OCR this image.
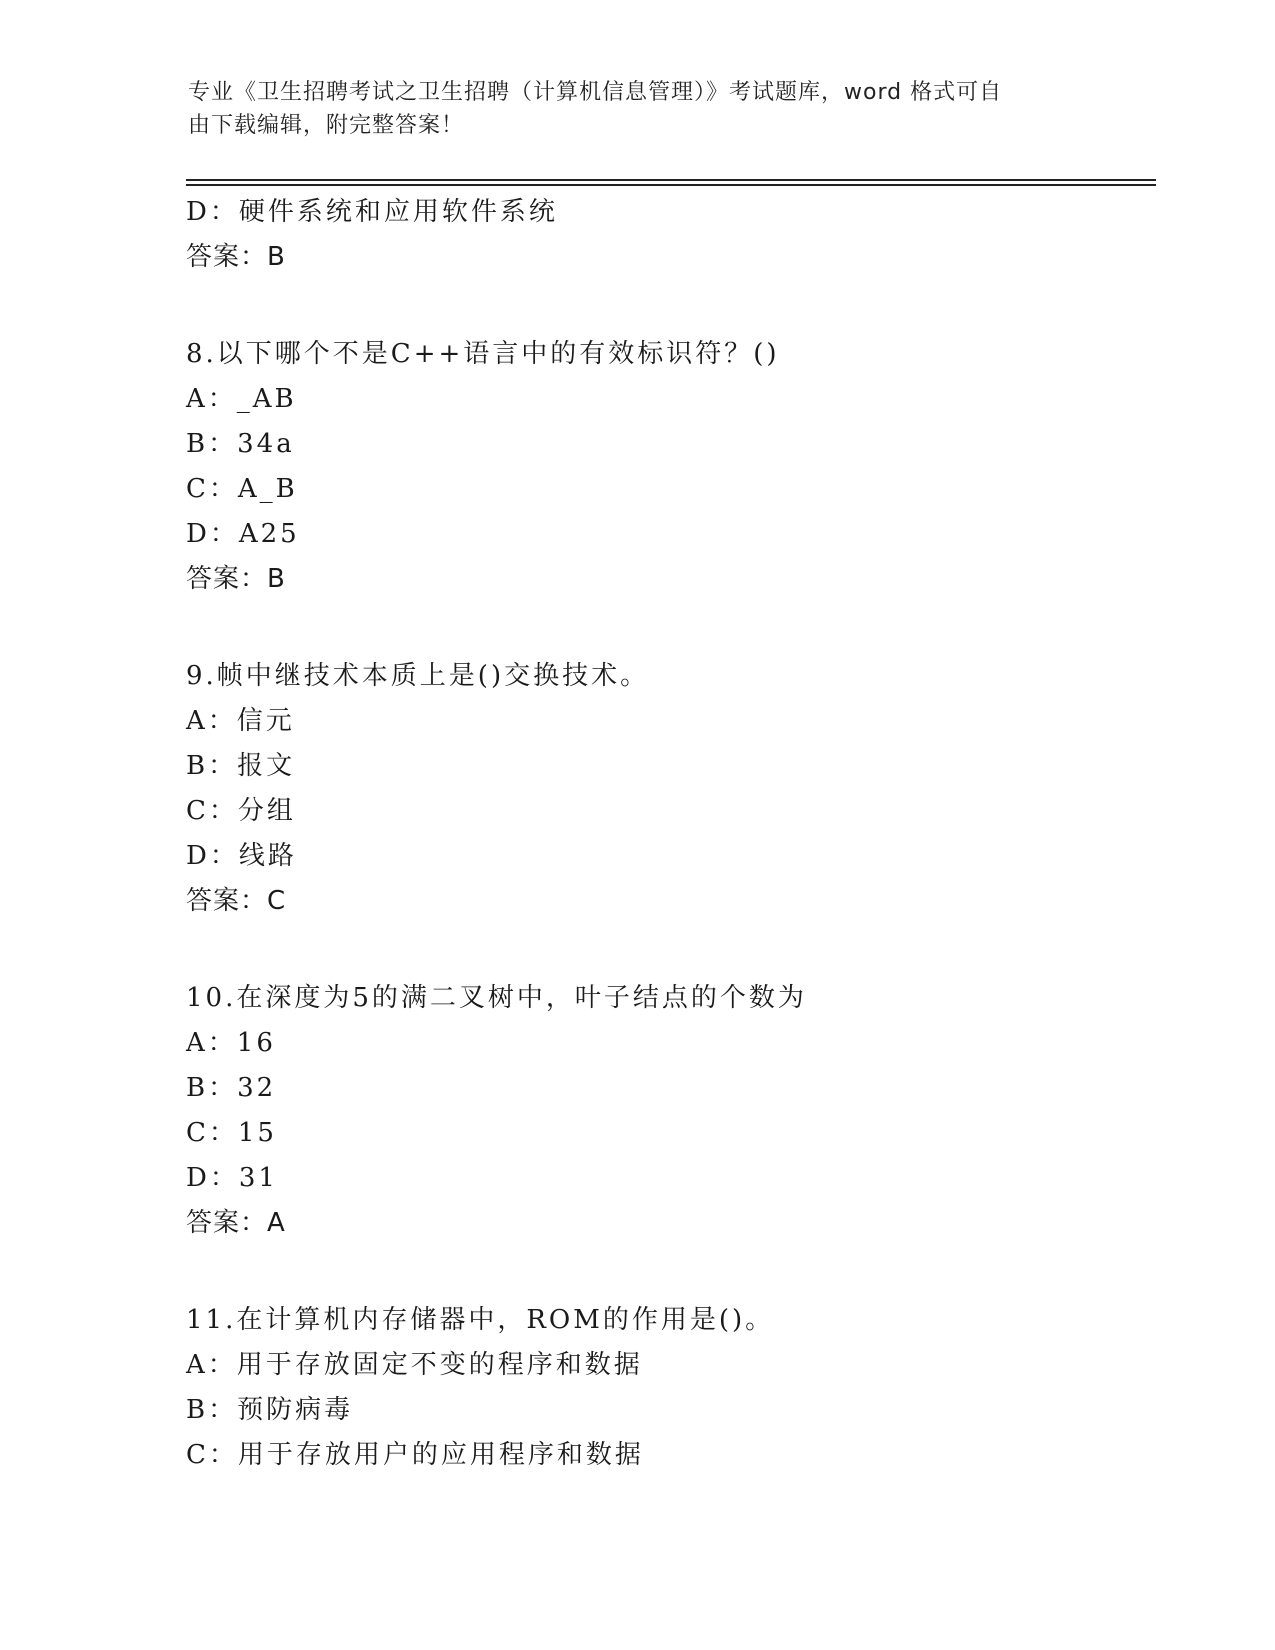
专业《卫生招聘考试之卫生招聘（计算机信息管理）》考试题库，word 格式可自
由下载编辑，附完整答案！
D：硬件系统和应用软件系统
答案：B
8.以下哪个不是C++语言中的有效标识符？()
A：_AB
B：34a
C：A_B
D：A25
答案：B
9.帧中继技术本质上是()交换技术。
A：信元
B：报文
C：分组
D：线路
答案：C
10.在深度为5的满二叉树中，叶子结点的个数为
A：16
B：32
C：15
D：31
答案：A
11.在计算机内存储器中，ROM的作用是()。
A：用于存放固定不变的程序和数据
B：预防病毒
C：用于存放用户的应用程序和数据
